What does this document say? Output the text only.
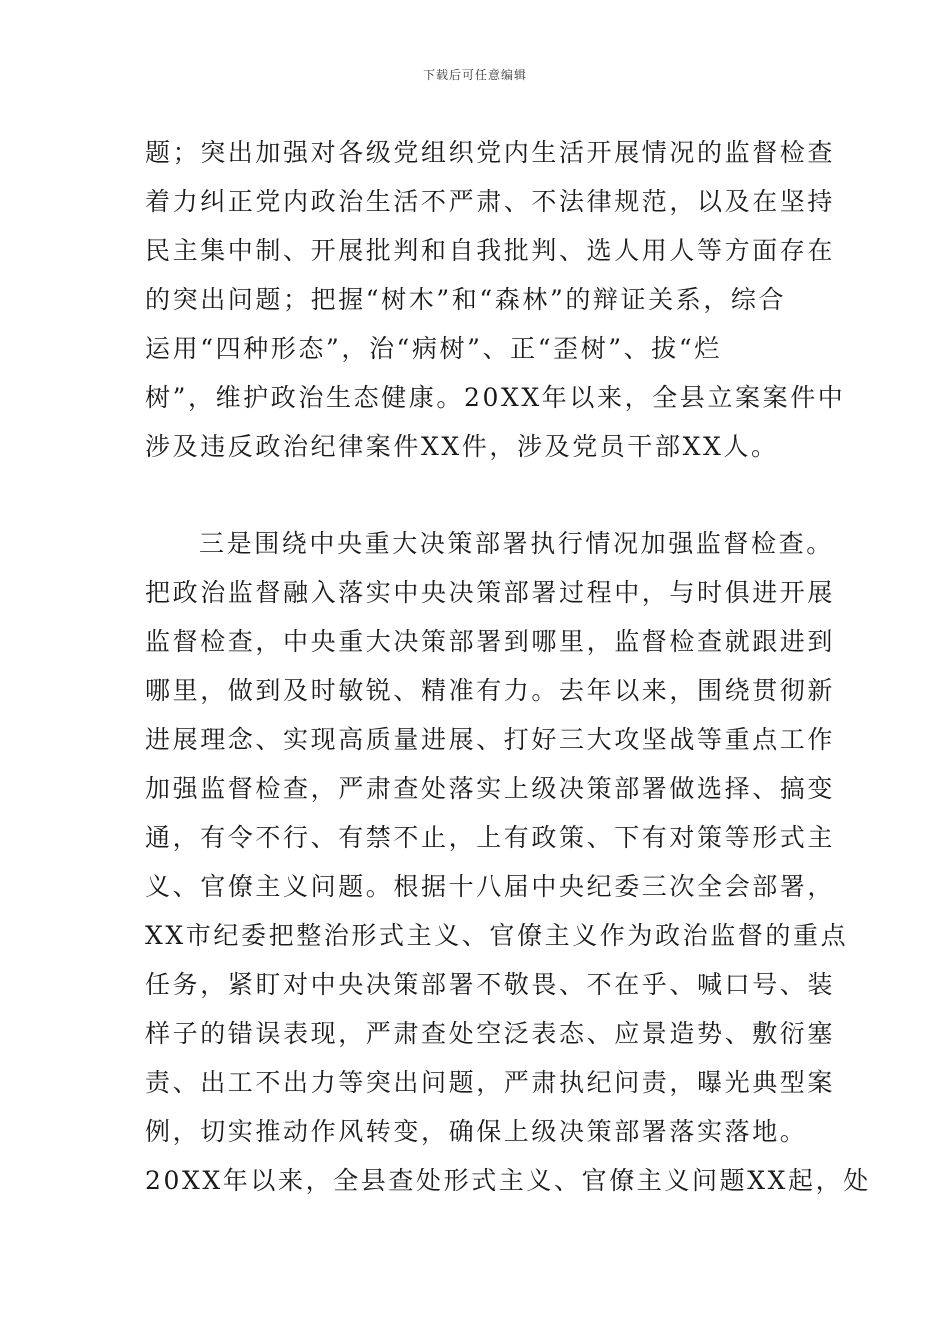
下载后可任意编辑
题；突出加强对各级党组织党内生活开展情况的监督检查
着力纠正党内政治生活不严肃、不法律规范，以及在坚持
民主集中制、开展批判和自我批判、选人用人等方面存在
的突出问题；把握“树木”和“森林”的辩证关系，综合
运用“四种形态”，治“病树”、正“歪树”、拔“烂
树”，维护政治生态健康。20XX年以来，全县立案案件中
涉及违反政治纪律案件XX件，涉及党员干部XX人。
三是围绕中央重大决策部署执行情况加强监督检查。
把政治监督融入落实中央决策部署过程中，与时俱进开展
监督检查，中央重大决策部署到哪里，监督检查就跟进到
哪里，做到及时敏锐、精准有力。去年以来，围绕贯彻新
进展理念、实现高质量进展、打好三大攻坚战等重点工作
加强监督检查，严肃查处落实上级决策部署做选择、搞变
通，有令不行、有禁不止，上有政策、下有对策等形式主
义、官僚主义问题。根据十八届中央纪委三次全会部署，
XX市纪委把整治形式主义、官僚主义作为政治监督的重点
任务，紧盯对中央决策部署不敬畏、不在乎、喊口号、装
样子的错误表现，严肃查处空泛表态、应景造势、敷衍塞
责、出工不出力等突出问题，严肃执纪问责，曝光典型案
例，切实推动作风转变，确保上级决策部署落实落地。
20XX年以来，全县查处形式主义、官僚主义问题XX起，处
